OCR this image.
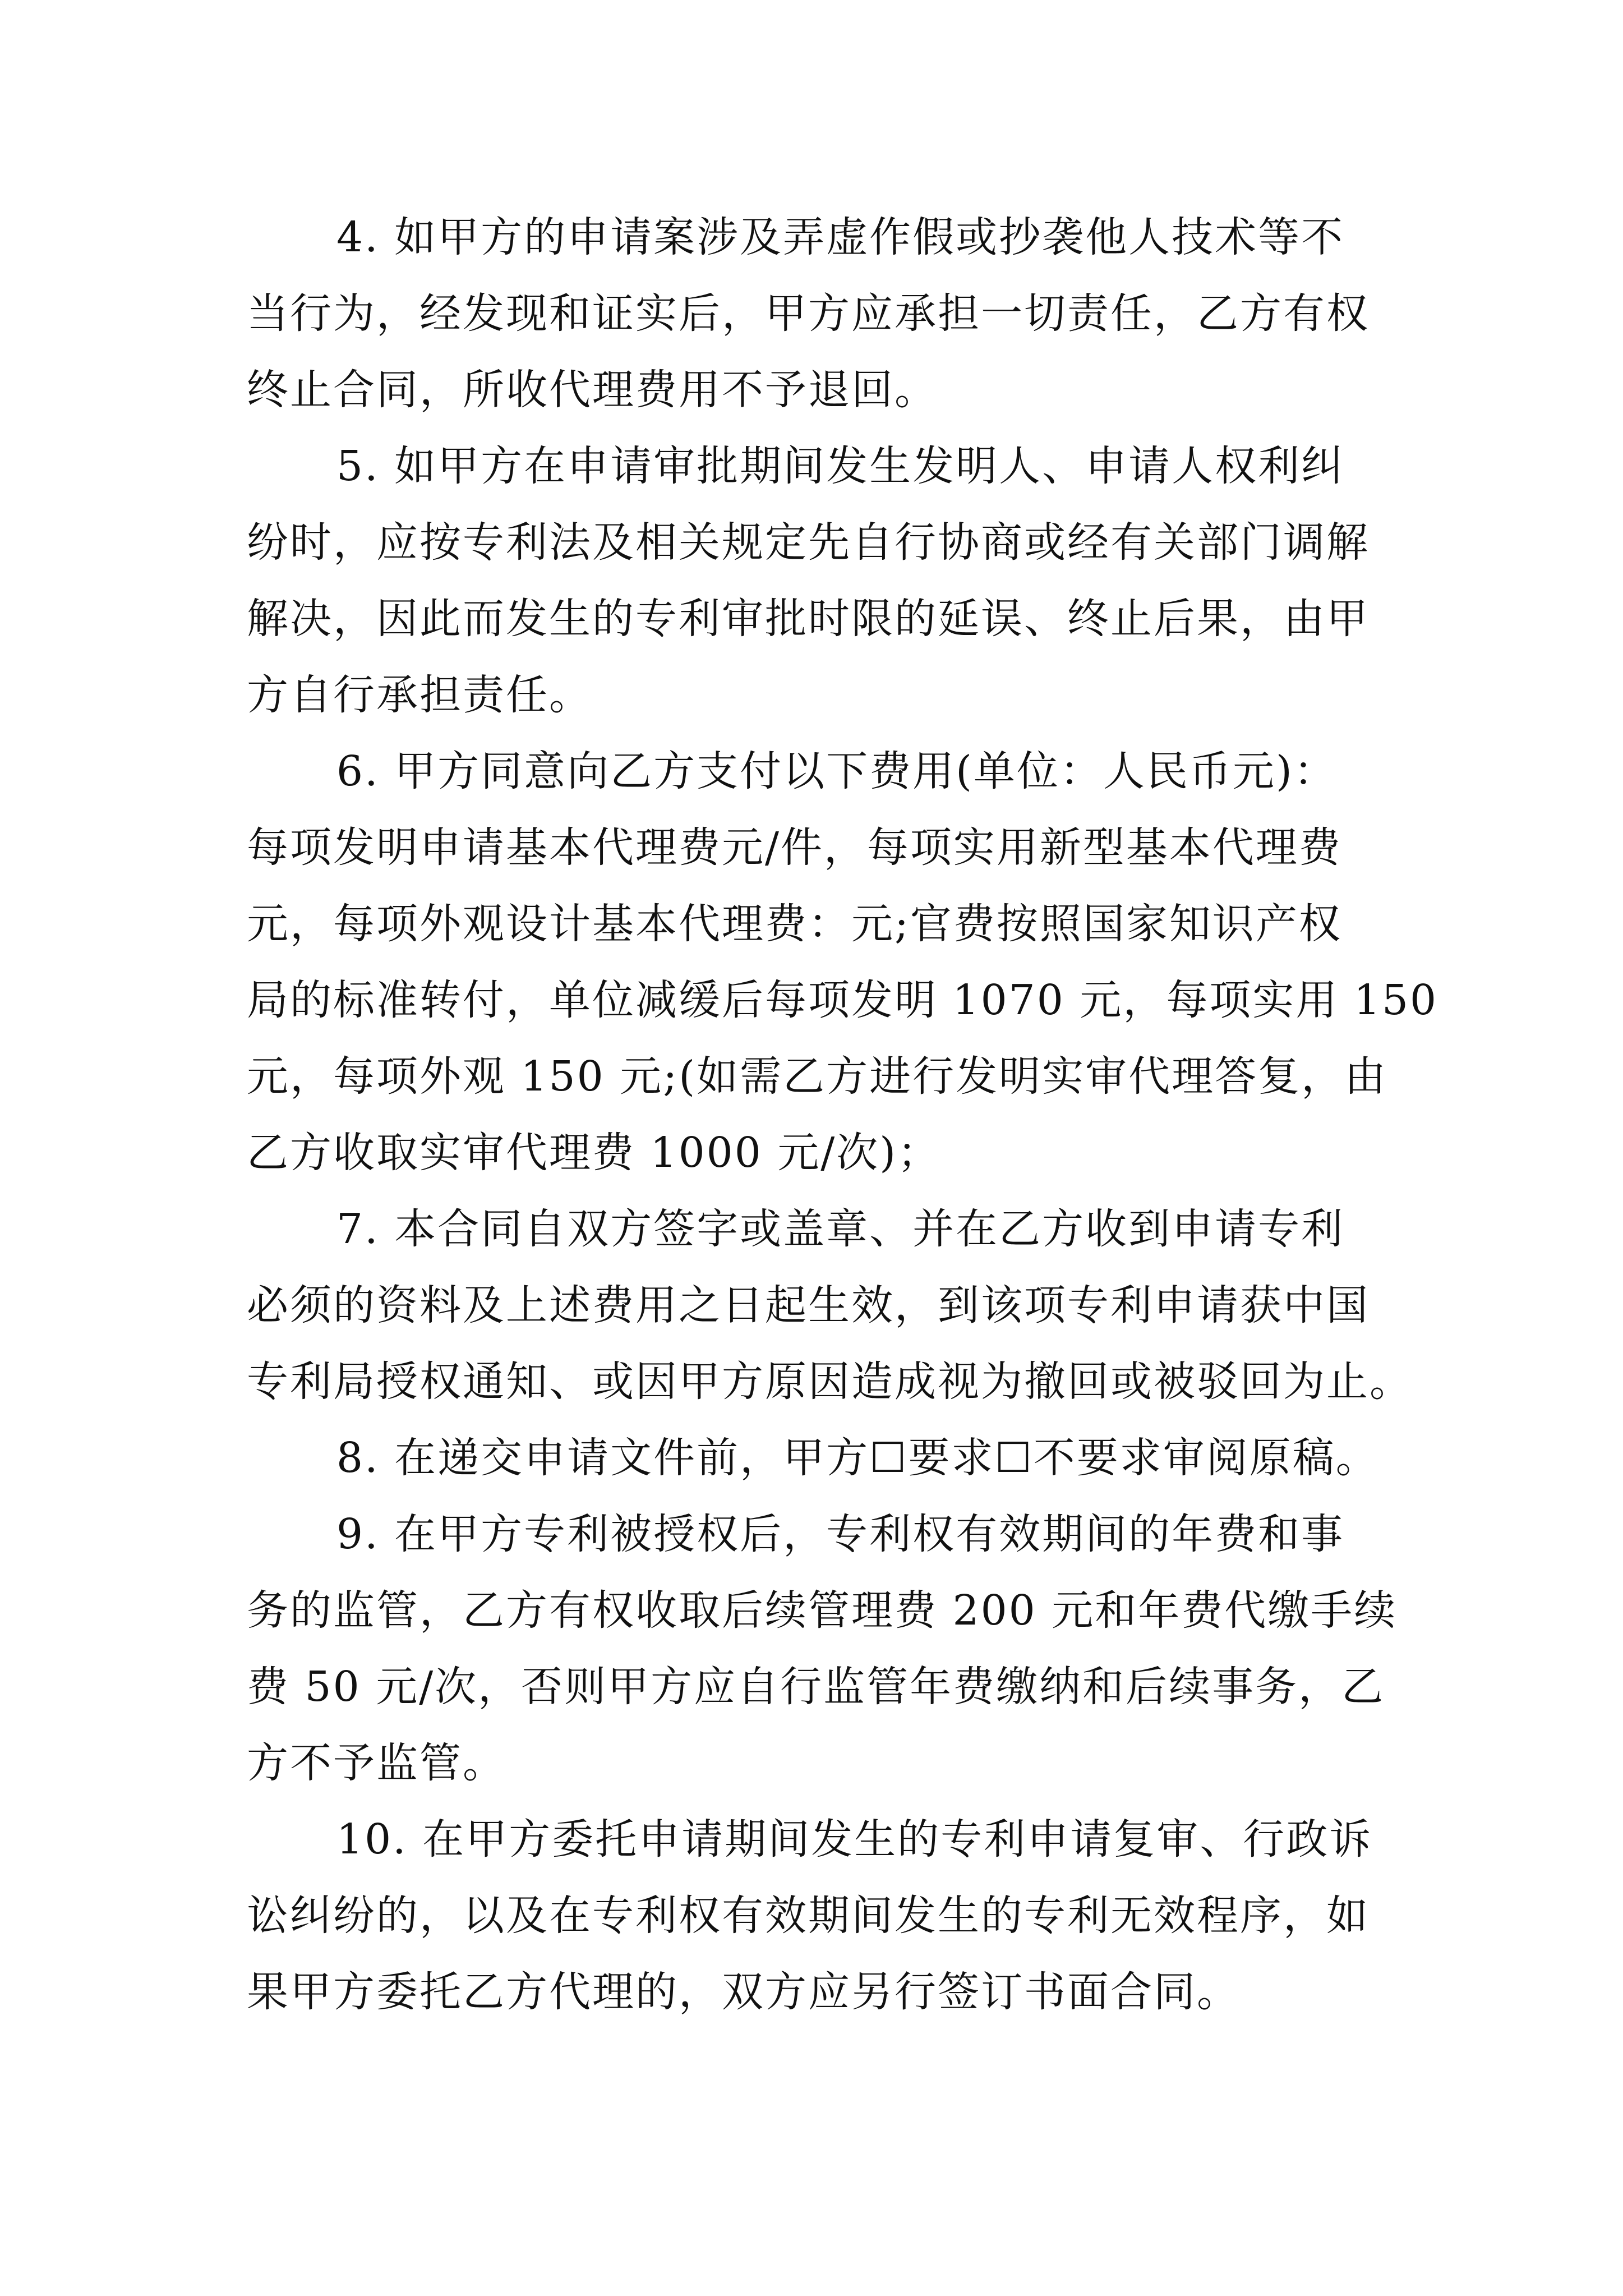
4. 如甲方的申请案涉及弄虚作假或抄袭他人技术等不
当行为，经发现和证实后，甲方应承担一切责任，乙方有权
终止合同，所收代理费用不予退回。
5. 如甲方在申请审批期间发生发明人、申请人权利纠
纷时，应按专利法及相关规定先自行协商或经有关部门调解
解决，因此而发生的专利审批时限的延误、终止后果，由甲
方自行承担责任。
6. 甲方同意向乙方支付以下费用(单位：人民币元)：
每项发明申请基本代理费元/件，每项实用新型基本代理费
元，每项外观设计基本代理费：元;官费按照国家知识产权
局的标准转付，单位减缓后每项发明 1070 元，每项实用 150
元，每项外观 150 元;(如需乙方进行发明实审代理答复，由
乙方收取实审代理费 1000 元/次)；
7. 本合同自双方签字或盖章、并在乙方收到申请专利
必须的资料及上述费用之日起生效，到该项专利申请获中国
专利局授权通知、或因甲方原因造成视为撤回或被驳回为止。
8. 在递交申请文件前，甲方☐要求☐不要求审阅原稿。
9. 在甲方专利被授权后，专利权有效期间的年费和事
务的监管，乙方有权收取后续管理费 200 元和年费代缴手续
费 50 元/次，否则甲方应自行监管年费缴纳和后续事务，乙
方不予监管。
10. 在甲方委托申请期间发生的专利申请复审、行政诉
讼纠纷的，以及在专利权有效期间发生的专利无效程序，如
果甲方委托乙方代理的，双方应另行签订书面合同。
